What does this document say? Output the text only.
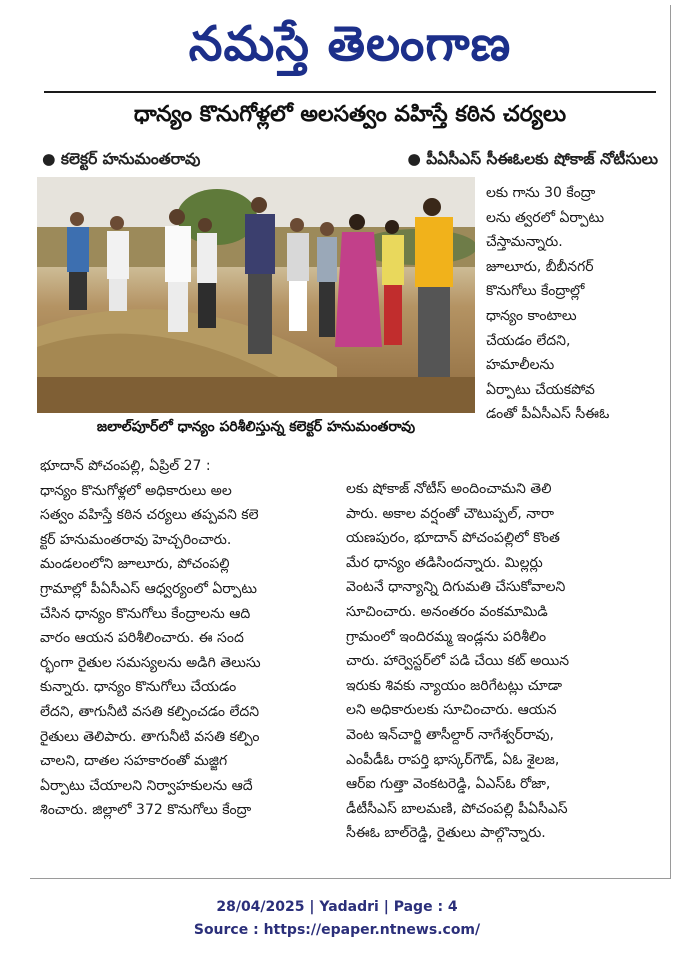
నమస్తే తెలంగాణ
ధాన్యం కొనుగోళ్లలో అలసత్వం వహిస్తే కఠిన చర్యలు
● కలెక్టర్ హనుమంతరావు	● పీఏసీఎస్ సీఈఓలకు షోకాజ్ నోటీసులు
జలాల్‌పూర్‌లో ధాన్యం పరిశీలిస్తున్న కలెక్టర్ హనుమంతరావు
లకు గాను 30 కేంద్రా
లను త్వరలో ఏర్పాటు
చేస్తామన్నారు.
జూలూరు, బీబీనగర్
కొనుగోలు కేంద్రాల్లో
ధాన్యం కాంటాలు
చేయడం లేదని,
హమాలీలను
ఏర్పాటు చేయకపోవ
డంతో పీఏసీఎస్ సీఈఓ
భూదాన్ పోచంపల్లి, ఏప్రిల్ 27 :
ధాన్యం కొనుగోళ్లలో అధికారులు అల
సత్వం వహిస్తే కఠిన చర్యలు తప్పవని కలె
క్టర్ హనుమంతరావు హెచ్చరించారు.
మండలంలోని జూలూరు, పోచంపల్లి
గ్రామాల్లో పీఏసీఎస్ ఆధ్వర్యంలో ఏర్పాటు
చేసిన ధాన్యం కొనుగోలు కేంద్రాలను ఆది
వారం ఆయన పరిశీలించారు. ఈ సంద
ర్భంగా రైతుల సమస్యలను అడిగి తెలుసు
కున్నారు. ధాన్యం కొనుగోలు చేయడం
లేదని, తాగునీటి వసతి కల్పించడం లేదని
రైతులు తెలిపారు. తాగునీటి వసతి కల్పిం
చాలని, దాతల సహకారంతో మజ్జిగ
ఏర్పాటు చేయాలని నిర్వాహకులను ఆదే
శించారు. జిల్లాలో 372 కొనుగోలు కేంద్రా
లకు షోకాజ్ నోటీస్ అందించామని తెలి
పారు. అకాల వర్షంతో చౌటుప్పల్, నారా
యణపురం, భూదాన్ పోచంపల్లిలో కొంత
మేర ధాన్యం తడిసిందన్నారు. మిల్లర్లు
వెంటనే ధాన్యాన్ని దిగుమతి చేసుకోవాలని
సూచించారు. అనంతరం వంకమామిడి
గ్రామంలో ఇందిరమ్మ ఇండ్లను పరిశీలిం
చారు. హార్వెస్టర్‌లో పడి చేయి కట్ అయిన
ఇరుకు శివకు న్యాయం జరిగేటట్లు చూడా
లని అధికారులకు సూచించారు. ఆయన
వెంట ఇన్‌చార్జి తాసీల్దార్ నాగేశ్వర్‌రావు,
ఎంపీడీఓ రాపర్తి భాస్కర్‌గౌడ్, ఏఓ శైలజ,
ఆర్ఐ గుత్తా వెంకటరెడ్డి, ఏఎస్ఓ రోజా,
డీటీసీఎస్ బాలమణి, పోచంపల్లి పీఏసీఎస్
సీఈఓ బాల్‌రెడ్డి, రైతులు పాల్గొన్నారు.
28/04/2025 | Yadadri | Page : 4
Source : https://epaper.ntnews.com/
